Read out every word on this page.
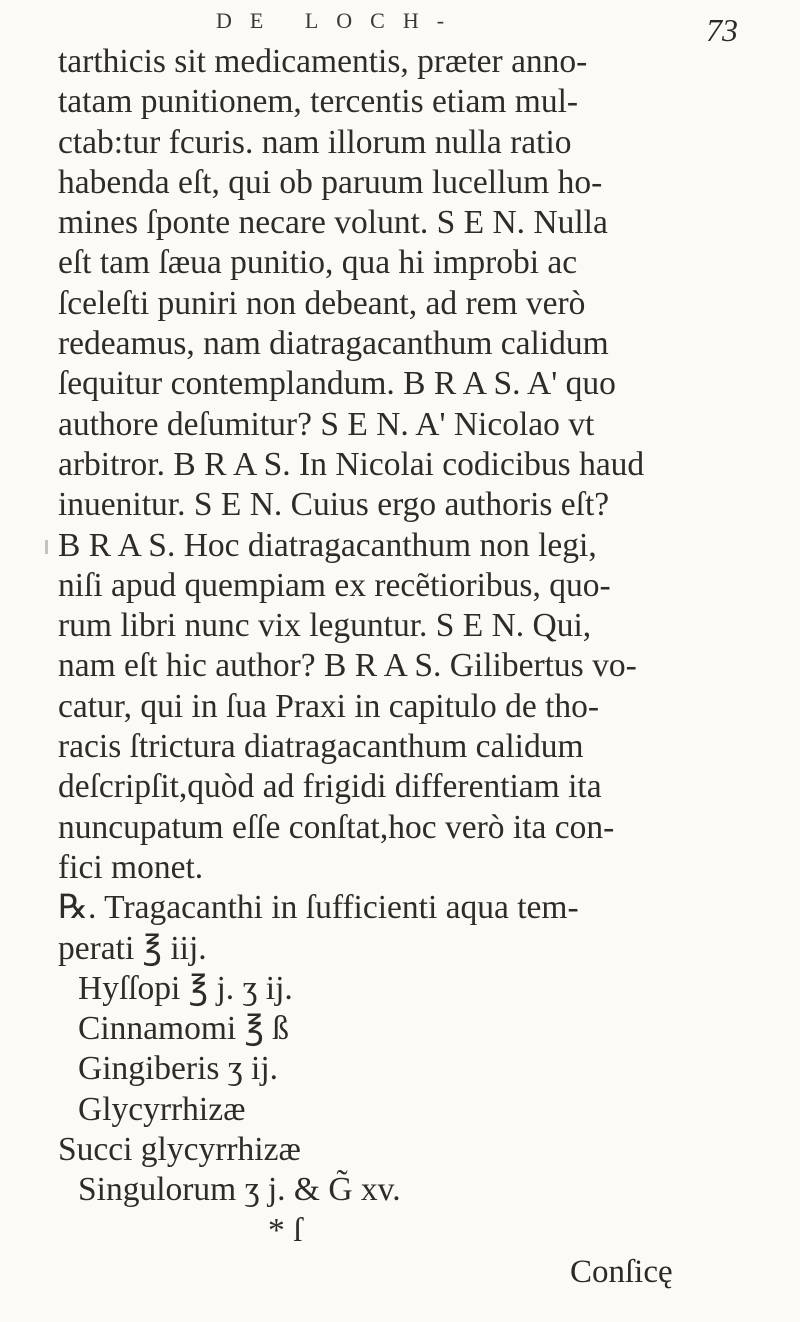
DE LOCH-	73
tarthicis sit medicamentis, præter anno-
tatam punitionem, tercentis etiam mul-
ctab:tur fcuris. nam illorum nulla ratio
habenda eſt, qui ob paruum lucellum ho-
mines ſponte necare volunt. S E N. Nulla
eſt tam ſæua punitio, qua hi improbi ac
ſceleſti puniri non debeant, ad rem verò
redeamus, nam diatragacanthum calidum
ſequitur contemplandum. B R A S. A' quo
authore deſumitur? S E N. A' Nicolao vt
arbitror. B R A S. In Nicolai codicibus haud
inuenitur. S E N. Cuius ergo authoris eſt?
B R A S. Hoc diatragacanthum non legi,
niſi apud quempiam ex recẽtioribus, quo-
rum libri nunc vix leguntur. S E N. Qui,
nam eſt hic author? B R A S. Gilibertus vo-
catur, qui in ſua Praxi in capitulo de tho-
racis ſtrictura diatragacanthum calidum
deſcripſit,quòd ad frigidi differentiam ita
nuncupatum eſſe conſtat,hoc verò ita con-
fici monet.
℞. Tragacanthi in ſufficienti aqua tem-
perati ℥ iij.
Hyſſopi ℥ j. ʒ ij.
Cinnamomi ℥ ß
Gingiberis ʒ ij.
Glycyrrhizæ
Succi glycyrrhizæ
Singulorum ʒ j. & G̃ xv.
* ſ
Conſicę
